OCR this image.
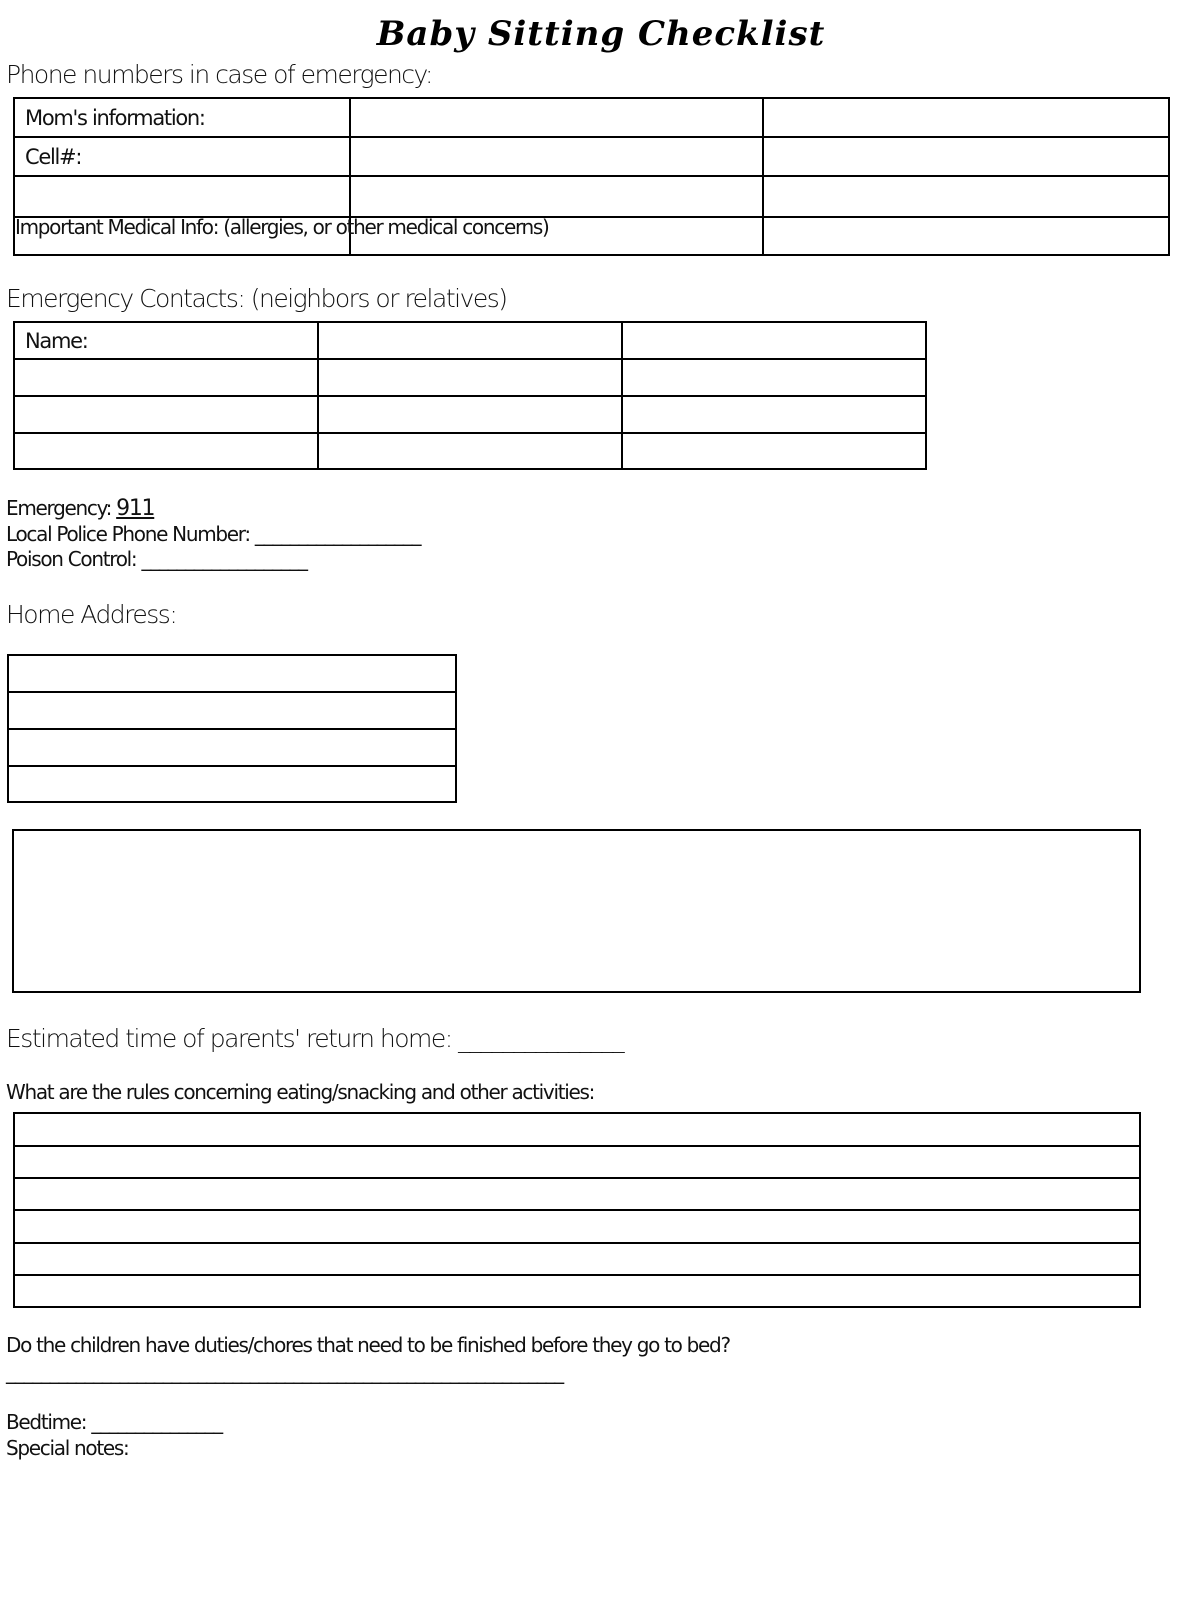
Baby Sitting Checklist
Phone numbers in case of emergency:
Mom's information:		
Cell#:		

Important Medical Info: (allergies, or other medical concerns)
Emergency Contacts: (neighbors or relatives)
Name:		

Emergency: 911
Local Police Phone Number: ___________________
Poison Control: ___________________
Home Address:

Estimated time of parents' return home: _______________
What are the rules concerning eating/snacking and other activities:

Do the children have duties/chores that need to be finished before they go to bed?
________________________________________________________________
Bedtime: _______________
Special notes:
